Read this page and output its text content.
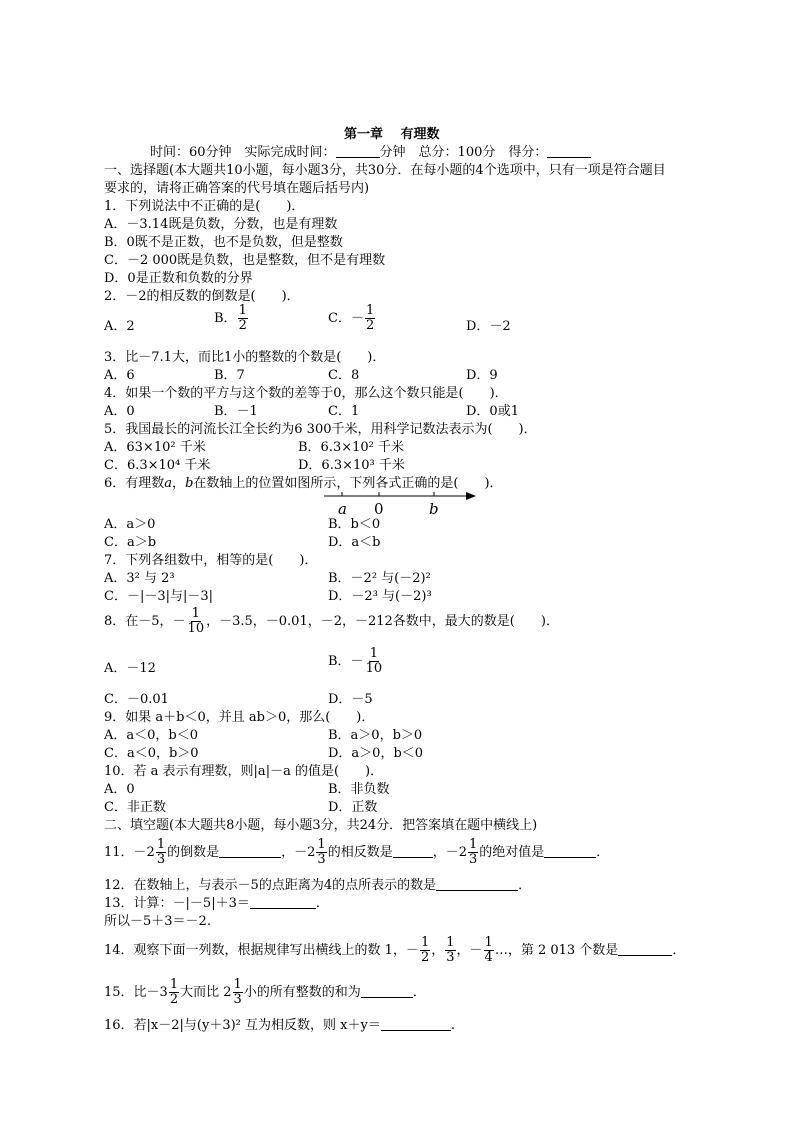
第一章　 有理数
时间：60分钟　实际完成时间：	分钟　总分：100分　得分：
一、选择题(本大题共10小题，每小题3分，共30分．在每小题的4个选项中，只有一项是符合题目
要求的，请将正确答案的代号填在题后括号内)
1．下列说法中不正确的是(　　)．
A．－3.14既是负数，分数，也是有理数
B．0既不是正数，也不是负数，但是整数
C．－2 000既是负数，也是整数，但不是有理数
D．0是正数和负数的分界
2．－2的相反数的倒数是(　　)．
A．2
B． $\frac{1}{2}$	C．－ $\frac{1}{2}$	D．－2
3．比－7.1大，而比1小的整数的个数是(　　)．
A．6	B．7	C．8	D．9
4．如果一个数的平方与这个数的差等于0，那么这个数只能是(　　)．
A．0	B．－1	C．1	D．0或1
5．我国最长的河流长江全长约为6 300千米，用科学记数法表示为(　　)．
A．63×10² 千米	B．6.3×10² 千米
C．6.3×10⁴ 千米	D．6.3×10³ 千米
6．有理数a，b在数轴上的位置如图所示，下列各式正确的是(　　)．
a 0	b
A．a＞0	B．b＜0
C．a＞b	D．a＜b
7．下列各组数中，相等的是(　　)．
A．3² 与 2³	B．－2² 与(－2)²
C．－|－3|与|－3|	D．－2³ 与(－2)³
8．在－5，－ $\frac{1}{10}$ ，－3.5，－0.01，－2，－212各数中，最大的数是(　　)．
A．－12	B．－ $\frac{1}{10}$
C．－0.01	D．－5
9．如果 a＋b＜0，并且 ab＞0，那么(　　)．
A．a＜0，b＜0	B．a＞0，b＞0
C．a＜0，b＞0	D．a＞0，b＜0
10．若 a 表示有理数，则|a|－a 的值是(　　)．
A．0	B．非负数
C．非正数	D．正数
二、填空题(本大题共8小题，每小题3分，共24分．把答案填在题中横线上)
11．$-2 \frac{1}{3}$ 的倒数是	，$-2 \frac{1}{3}$ 的相反数是	，$-2 \frac{1}{3}$ 的绝对值是	．
12．在数轴上，与表示－5的点距离为4的点所表示的数是	．
13．计算：－|－5|＋3＝	．
所以－5＋3＝－2.
14．观察下面一列数，根据规律写出横线上的数 1，－ $\frac{1}{2}$ ， $\frac{1}{3}$ ，－ $\frac{1}{4}$ …，第 2 013 个数是	．
15．比$-3 \frac{1}{2}$ 大而比 $2 \frac{1}{3}$ 小的所有整数的和为	．
16．若|x－2|与(y＋3)² 互为相反数，则 x＋y＝	.
